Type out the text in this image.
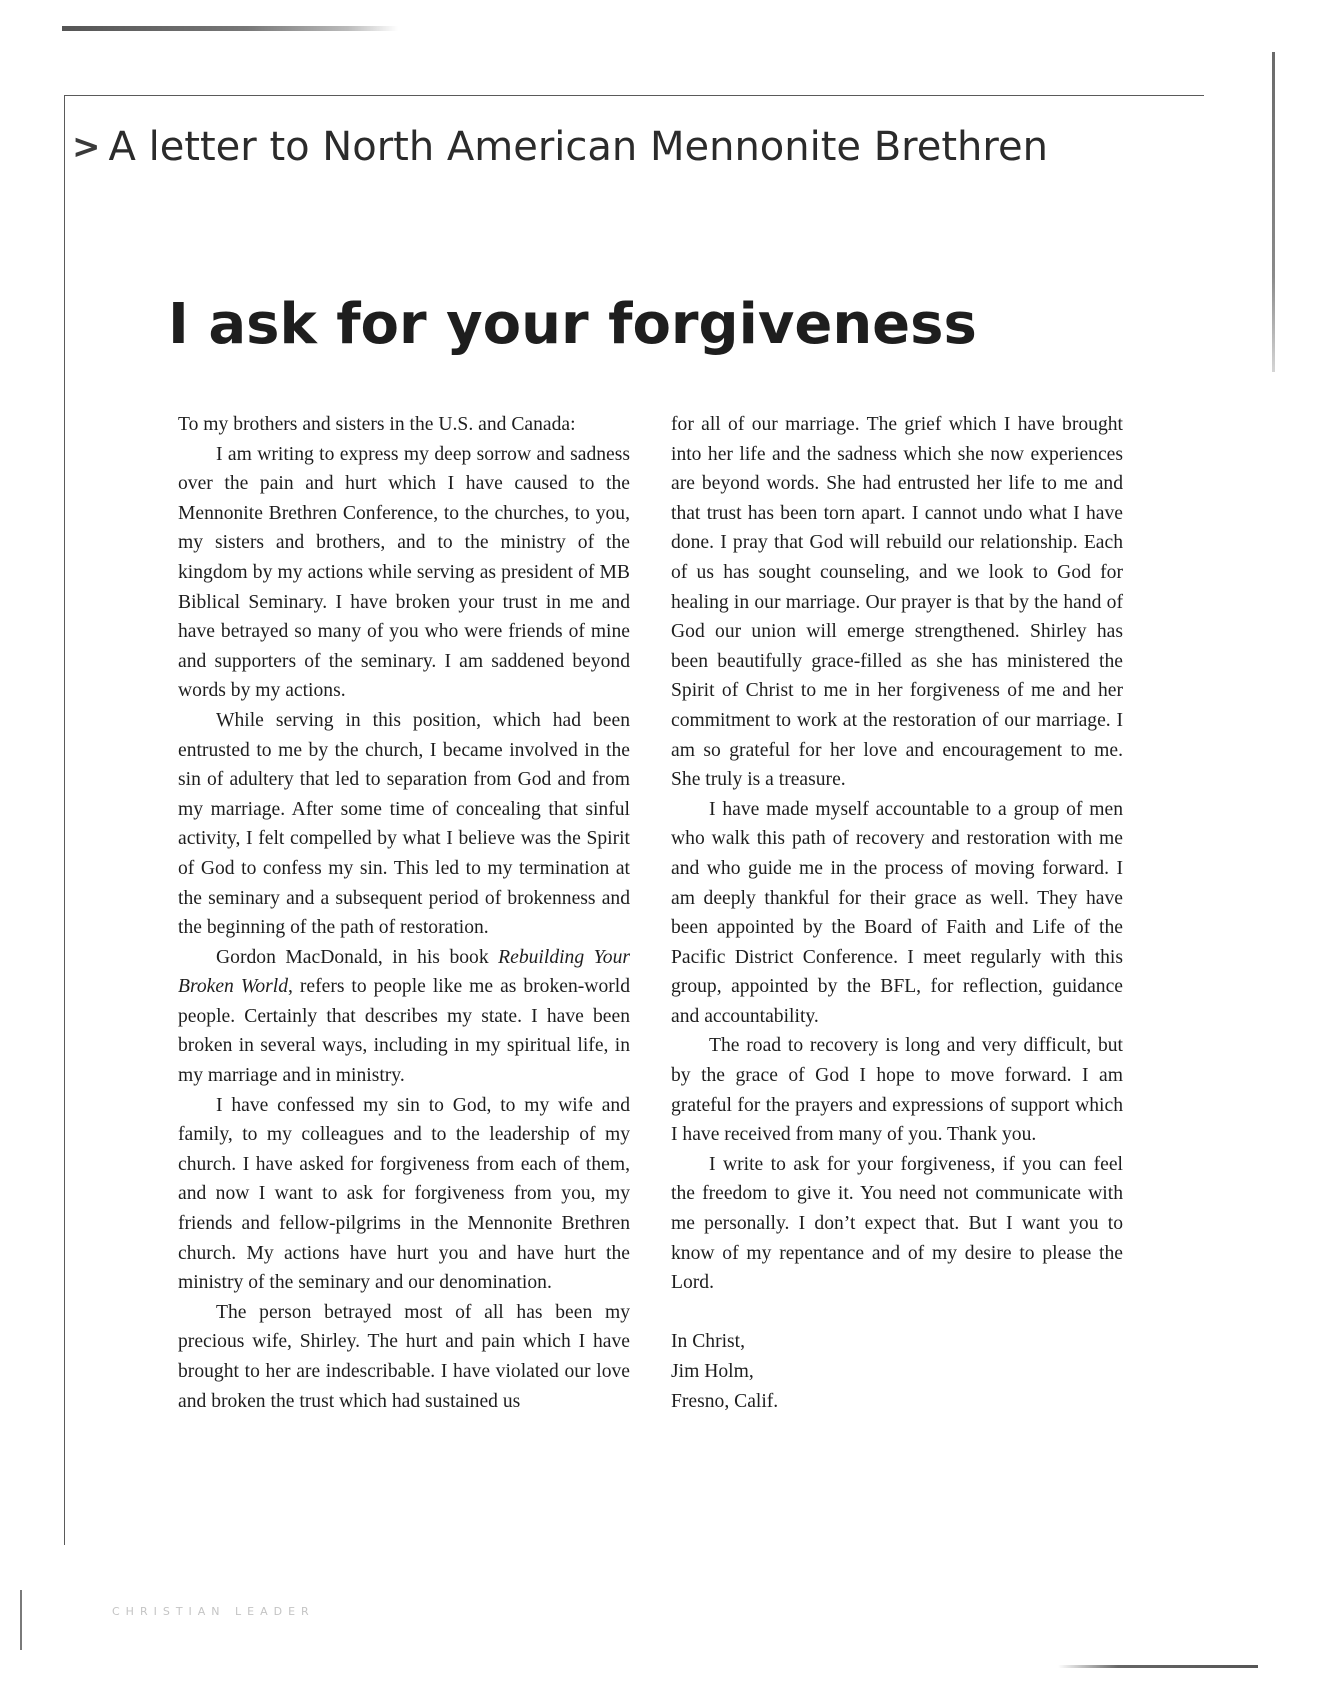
> A letter to North American Mennonite Brethren
I ask for your forgiveness

To my brothers and sisters in the U.S. and Canada:

I am writing to express my deep sorrow and sadness over the pain and hurt which I have caused to the Mennonite Brethren Conference, to the churches, to you, my sisters and brothers, and to the ministry of the kingdom by my actions while serving as president of MB Biblical Seminary. I have broken your trust in me and have betrayed so many of you who were friends of mine and supporters of the seminary. I am saddened beyond words by my actions.

While serving in this position, which had been entrusted to me by the church, I became involved in the sin of adultery that led to separation from God and from my marriage. After some time of concealing that sinful activity, I felt compelled by what I believe was the Spirit of God to confess my sin. This led to my termination at the seminary and a subsequent period of brokenness and the beginning of the path of restoration.

Gordon MacDonald, in his book Rebuilding Your Broken World, refers to people like me as broken-world people. Certainly that describes my state. I have been broken in several ways, including in my spiritual life, in my marriage and in ministry.

I have confessed my sin to God, to my wife and family, to my colleagues and to the leadership of my church. I have asked for forgiveness from each of them, and now I want to ask for forgiveness from you, my friends and fellow-pilgrims in the Mennonite Brethren church. My actions have hurt you and have hurt the ministry of the seminary and our denomination.

The person betrayed most of all has been my precious wife, Shirley. The hurt and pain which I have brought to her are indescribable. I have violated our love and broken the trust which had sustained us

for all of our marriage. The grief which I have brought into her life and the sadness which she now experiences are beyond words. She had entrusted her life to me and that trust has been torn apart. I cannot undo what I have done. I pray that God will rebuild our relationship. Each of us has sought counseling, and we look to God for healing in our marriage. Our prayer is that by the hand of God our union will emerge strengthened. Shirley has been beautifully grace-filled as she has ministered the Spirit of Christ to me in her forgiveness of me and her commitment to work at the restoration of our marriage. I am so grateful for her love and encouragement to me. She truly is a treasure.

I have made myself accountable to a group of men who walk this path of recovery and restoration with me and who guide me in the process of moving forward. I am deeply thankful for their grace as well. They have been appointed by the Board of Faith and Life of the Pacific District Conference. I meet regularly with this group, appointed by the BFL, for reflection, guidance and accountability.

The road to recovery is long and very difficult, but by the grace of God I hope to move forward. I am grateful for the prayers and expressions of support which I have received from many of you. Thank you.

I write to ask for your forgiveness, if you can feel the freedom to give it. You need not communicate with me personally. I don’t expect that. But I want you to know of my repentance and of my desire to please the Lord.

In Christ,
Jim Holm,
Fresno, Calif.
CHRISTIAN LEADER
